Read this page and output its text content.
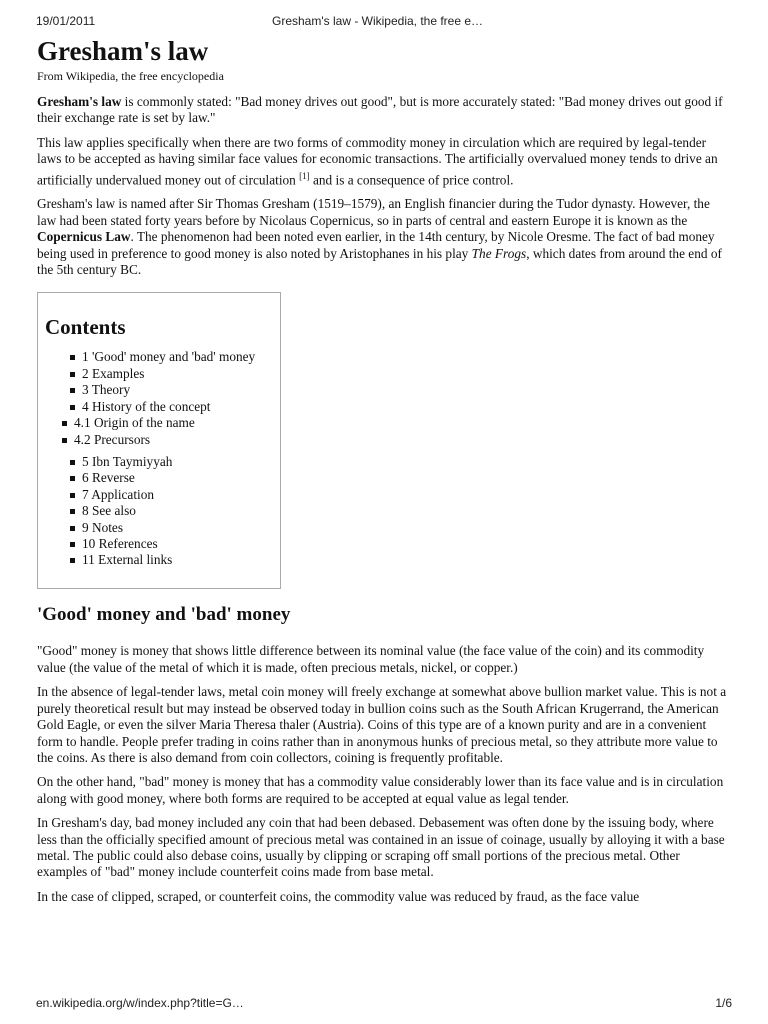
19/01/2011	Gresham's law - Wikipedia, the free e…
Gresham's law
From Wikipedia, the free encyclopedia

Gresham's law is commonly stated: "Bad money drives out good", but is more accurately stated: "Bad money drives out good if their exchange rate is set by law."

This law applies specifically when there are two forms of commodity money in circulation which are required by legal-tender laws to be accepted as having similar face values for economic transactions. The artificially overvalued money tends to drive an artificially undervalued money out of circulation [1] and is a consequence of price control.

Gresham's law is named after Sir Thomas Gresham (1519–1579), an English financier during the Tudor dynasty. However, the law had been stated forty years before by Nicolaus Copernicus, so in parts of central and eastern Europe it is known as the Copernicus Law. The phenomenon had been noted even earlier, in the 14th century, by Nicole Oresme. The fact of bad money being used in preference to good money is also noted by Aristophanes in his play The Frogs, which dates from around the end of the 5th century BC.

Contents
1 'Good' money and 'bad' money
2 Examples
3 Theory
4 History of the concept
4.1 Origin of the name
4.2 Precursors
5 Ibn Taymiyyah
6 Reverse
7 Application
8 See also
9 Notes
10 References
11 External links
'Good' money and 'bad' money

"Good" money is money that shows little difference between its nominal value (the face value of the coin) and its commodity value (the value of the metal of which it is made, often precious metals, nickel, or copper.)

In the absence of legal-tender laws, metal coin money will freely exchange at somewhat above bullion market value. This is not a purely theoretical result but may instead be observed today in bullion coins such as the South African Krugerrand, the American Gold Eagle, or even the silver Maria Theresa thaler (Austria). Coins of this type are of a known purity and are in a convenient form to handle. People prefer trading in coins rather than in anonymous hunks of precious metal, so they attribute more value to the coins. As there is also demand from coin collectors, coining is frequently profitable.

On the other hand, "bad" money is money that has a commodity value considerably lower than its face value and is in circulation along with good money, where both forms are required to be accepted at equal value as legal tender.

In Gresham's day, bad money included any coin that had been debased. Debasement was often done by the issuing body, where less than the officially specified amount of precious metal was contained in an issue of coinage, usually by alloying it with a base metal. The public could also debase coins, usually by clipping or scraping off small portions of the precious metal. Other examples of "bad" money include counterfeit coins made from base metal.

In the case of clipped, scraped, or counterfeit coins, the commodity value was reduced by fraud, as the face value

en.wikipedia.org/w/index.php?title=G…	1/6
